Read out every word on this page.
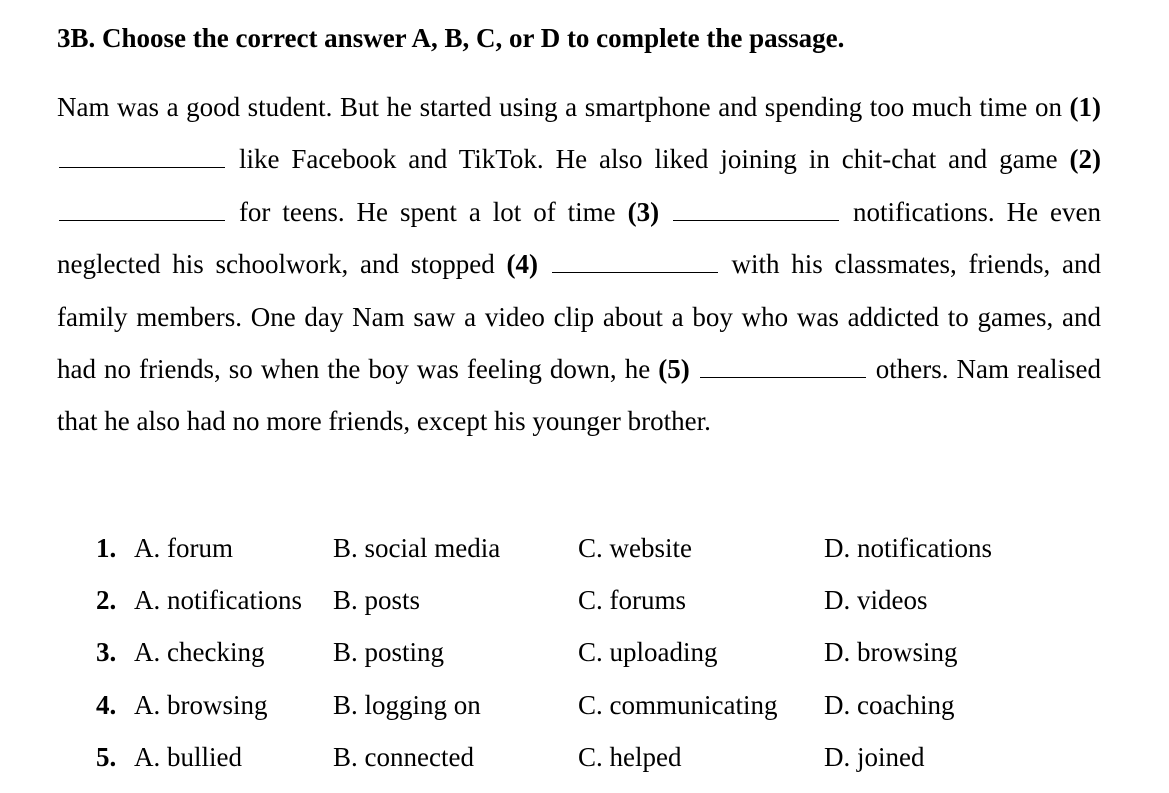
3B. Choose the correct answer A, B, C, or D to complete the passage.
Nam was a good student. But he started using a smartphone and spending too much time on (1)  like Facebook and TikTok. He also liked joining in chit-chat and game (2)  for teens. He spent a lot of time (3)	notifications. He even neglected his schoolwork, and stopped (4)	with his classmates, friends, and family members. One day Nam saw a video clip about a boy who was addicted to games, and had no friends, so when the boy was feeling down, he (5)	others. Nam realised that he also had no more friends, except his younger brother.
1.	A. forum	B. social media	C. website	D. notifications
2.	A. notifications	B. posts	C. forums	D. videos
3.	A. checking	B. posting	C. uploading	D. browsing
4.	A. browsing	B. logging on	C. communicating	D. coaching
5.	A. bullied	B. connected	C. helped	D. joined
